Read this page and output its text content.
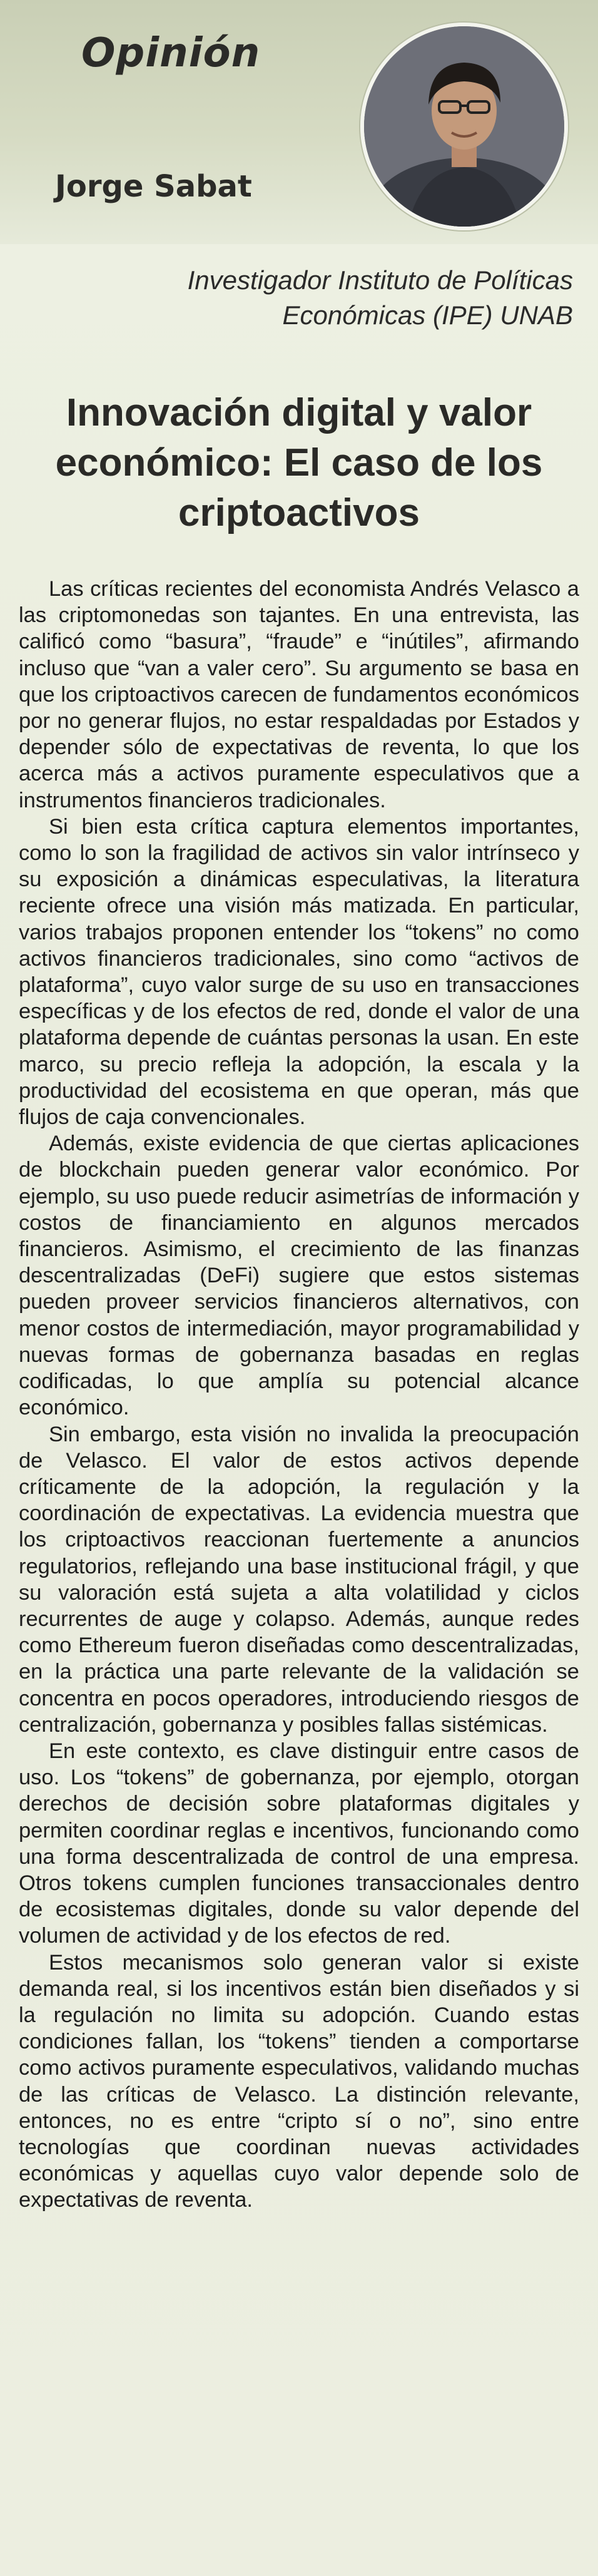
Opinión
Jorge Sabat
Investigador Instituto de Políticas
Económicas (IPE) UNAB
Innovación digital y valor
económico: El caso de los
criptoactivos

Las críticas recientes del economista Andrés Velasco a las criptomonedas son tajantes. En una entrevista, las calificó como “basura”, “fraude” e “inútiles”, afirmando incluso que “van a valer cero”. Su argumento se basa en que los criptoactivos carecen de fundamentos económicos por no generar flujos, no estar respaldadas por Estados y depender sólo de expectativas de reventa, lo que los acerca más a activos puramente especulativos que a instrumentos financieros tradicionales.

Si bien esta crítica captura elementos importantes, como lo son la fragilidad de activos sin valor intrínseco y su exposición a dinámicas especulativas, la literatura reciente ofrece una visión más matizada. En particular, varios trabajos proponen entender los “tokens” no como activos financieros tradicionales, sino como “activos de plataforma”, cuyo valor surge de su uso en transacciones específicas y de los efectos de red, donde el valor de una plataforma depende de cuántas personas la usan. En este marco, su precio refleja la adopción, la escala y la productividad del ecosistema en que operan, más que flujos de caja convencionales.

Además, existe evidencia de que ciertas aplicaciones de blockchain pueden generar valor económico. Por ejemplo, su uso puede reducir asimetrías de información y costos de financiamiento en algunos mercados financieros. Asimismo, el crecimiento de las finanzas descentralizadas (DeFi) sugiere que estos sistemas pueden proveer servicios financieros alternativos, con menor costos de intermediación, mayor programabilidad y nuevas formas de gobernanza basadas en reglas codificadas, lo que amplía su potencial alcance económico.

Sin embargo, esta visión no invalida la preocupación de Velasco. El valor de estos activos depende críticamente de la adopción, la regulación y la coordinación de expectativas. La evidencia muestra que los criptoactivos reaccionan fuertemente a anuncios regulatorios, reflejando una base institucional frágil, y que su valoración está sujeta a alta volatilidad y ciclos recurrentes de auge y colapso. Además, aunque redes como Ethereum fueron diseñadas como descentralizadas, en la práctica una parte relevante de la validación se concentra en pocos operadores, introduciendo riesgos de centralización, gobernanza y posibles fallas sistémicas.

En este contexto, es clave distinguir entre casos de uso. Los “tokens” de gobernanza, por ejemplo, otorgan derechos de decisión sobre plataformas digitales y permiten coordinar reglas e incentivos, funcionando como una forma descentralizada de control de una empresa. Otros tokens cumplen funciones transaccionales dentro de ecosistemas digitales, donde su valor depende del volumen de actividad y de los efectos de red.

Estos mecanismos solo generan valor si existe demanda real, si los incentivos están bien diseñados y si la regulación no limita su adopción. Cuando estas condiciones fallan, los “tokens” tienden a comportarse como activos puramente especulativos, validando muchas de las críticas de Velasco. La distinción relevante, entonces, no es entre “cripto sí o no”, sino entre tecnologías que coordinan nuevas actividades económicas y aquellas cuyo valor depende solo de expectativas de reventa.
